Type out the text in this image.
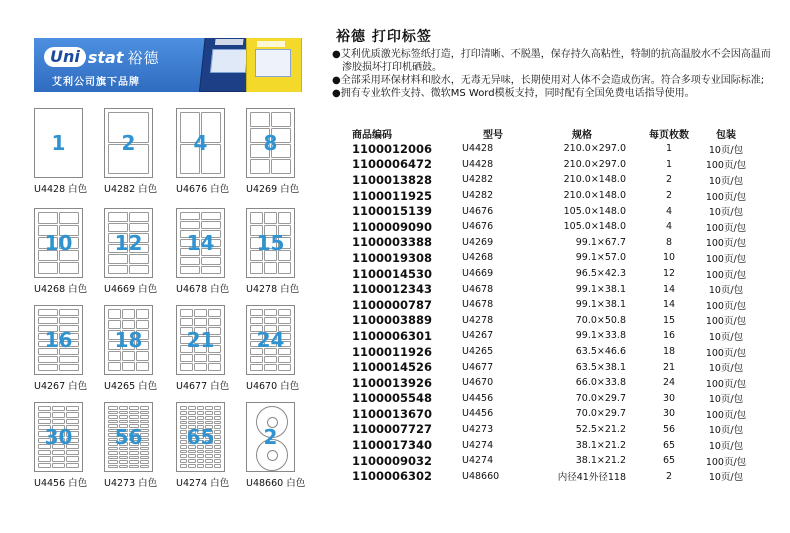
Uni stat 裕德
艾利公司旗下品牌
1
U4428 白色
2
U4282 白色
4
U4676 白色
8
U4269 白色
10
U4268 白色
12
U4669 白色
14
U4678 白色
15
U4278 白色
16
U4267 白色
18
U4265 白色
21
U4677 白色
24
U4670 白色
30
U4456 白色
56
U4273 白色
65
U4274 白色
2
U48660 白色
裕德 打印标签
●艾利优质激光标签纸打造，打印清晰、不脱墨，保存持久高粘性，特制的抗高温胶水不会因高温而渗胶损坏打印机硒鼓。
●全部采用环保材料和胶水，无毒无异味，长期使用对人体不会造成伤害。符合多项专业国际标准;
●拥有专业软件支持、微软MS Word模板支持，同时配有全国免费电话指导使用。
商品编码	型号	规格	每页枚数	包装
1100012006	U4428	210.0×297.0	1	10页/包
1100006472	U4428	210.0×297.0	1	100页/包
1100013828	U4282	210.0×148.0	2	10页/包
1100011925	U4282	210.0×148.0	2	100页/包
1100015139	U4676	105.0×148.0	4	10页/包
1100009090	U4676	105.0×148.0	4	100页/包
1100003388	U4269	99.1×67.7	8	100页/包
1100019308	U4268	99.1×57.0	10	100页/包
1100014530	U4669	96.5×42.3	12	100页/包
1100012343	U4678	99.1×38.1	14	10页/包
1100000787	U4678	99.1×38.1	14	100页/包
1100003889	U4278	70.0×50.8	15	100页/包
1100006301	U4267	99.1×33.8	16	10页/包
1100011926	U4265	63.5×46.6	18	100页/包
1100014526	U4677	63.5×38.1	21	10页/包
1100013926	U4670	66.0×33.8	24	100页/包
1100005548	U4456	70.0×29.7	30	10页/包
1100013670	U4456	70.0×29.7	30	100页/包
1100007727	U4273	52.5×21.2	56	10页/包
1100017340	U4274	38.1×21.2	65	10页/包
1100009032	U4274	38.1×21.2	65	100页/包
1100006302	U48660	内径41外径118	2	10页/包
